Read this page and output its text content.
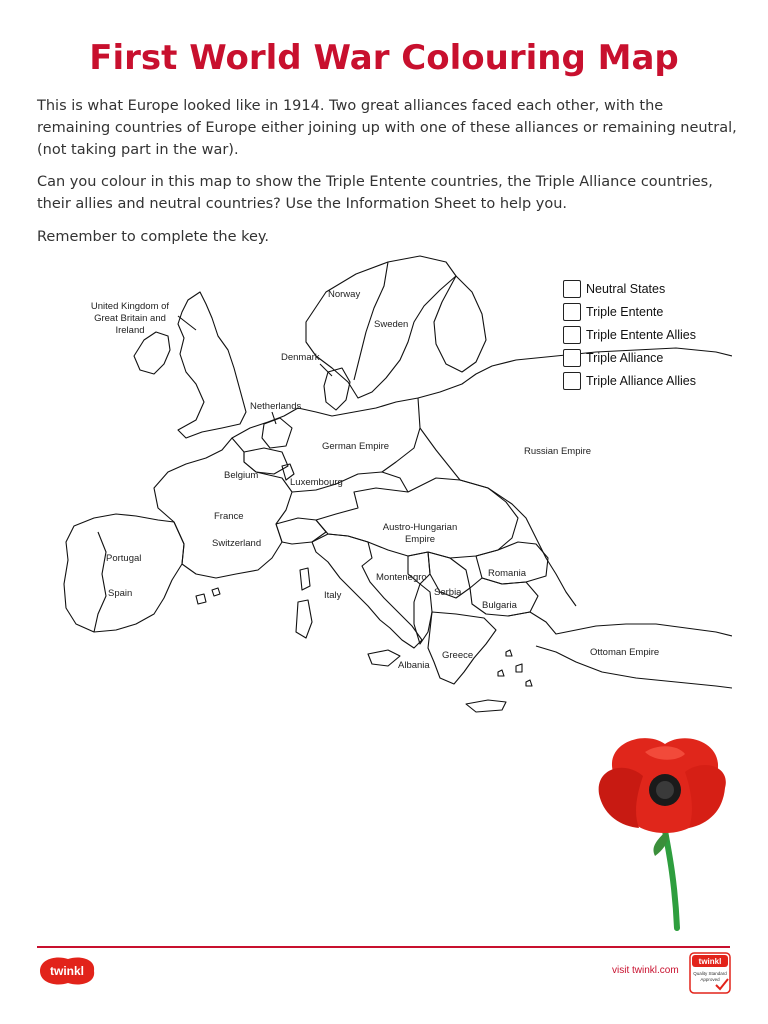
First World War Colouring Map

This is what Europe looked like in 1914. Two great alliances faced each other, with the remaining countries of Europe either joining up with one of these alliances or remaining neutral, (not taking part in the war).

Can you colour in this map to show the Triple Entente countries, the Triple Alliance countries, their allies and neutral countries? Use the Information Sheet to help you.

Remember to complete the key.

United Kingdom of
Great Britain and
Ireland
Norway
Sweden
Denmark
Netherlands
German Empire	Russian Empire
Belgium
Luxembourg
France
Austro-Hungarian
Empire
Switzerland
Portugal
Spain
Montenegro	Romania
Italy	Serbia
Bulgaria
Ottoman Empire
Greece
Albania
Neutral States
Triple Entente
Triple Entente Allies
Triple Alliance
Triple Alliance Allies
twinkl	visit twinkl.com
twinkl
Quality Standard
Approved
